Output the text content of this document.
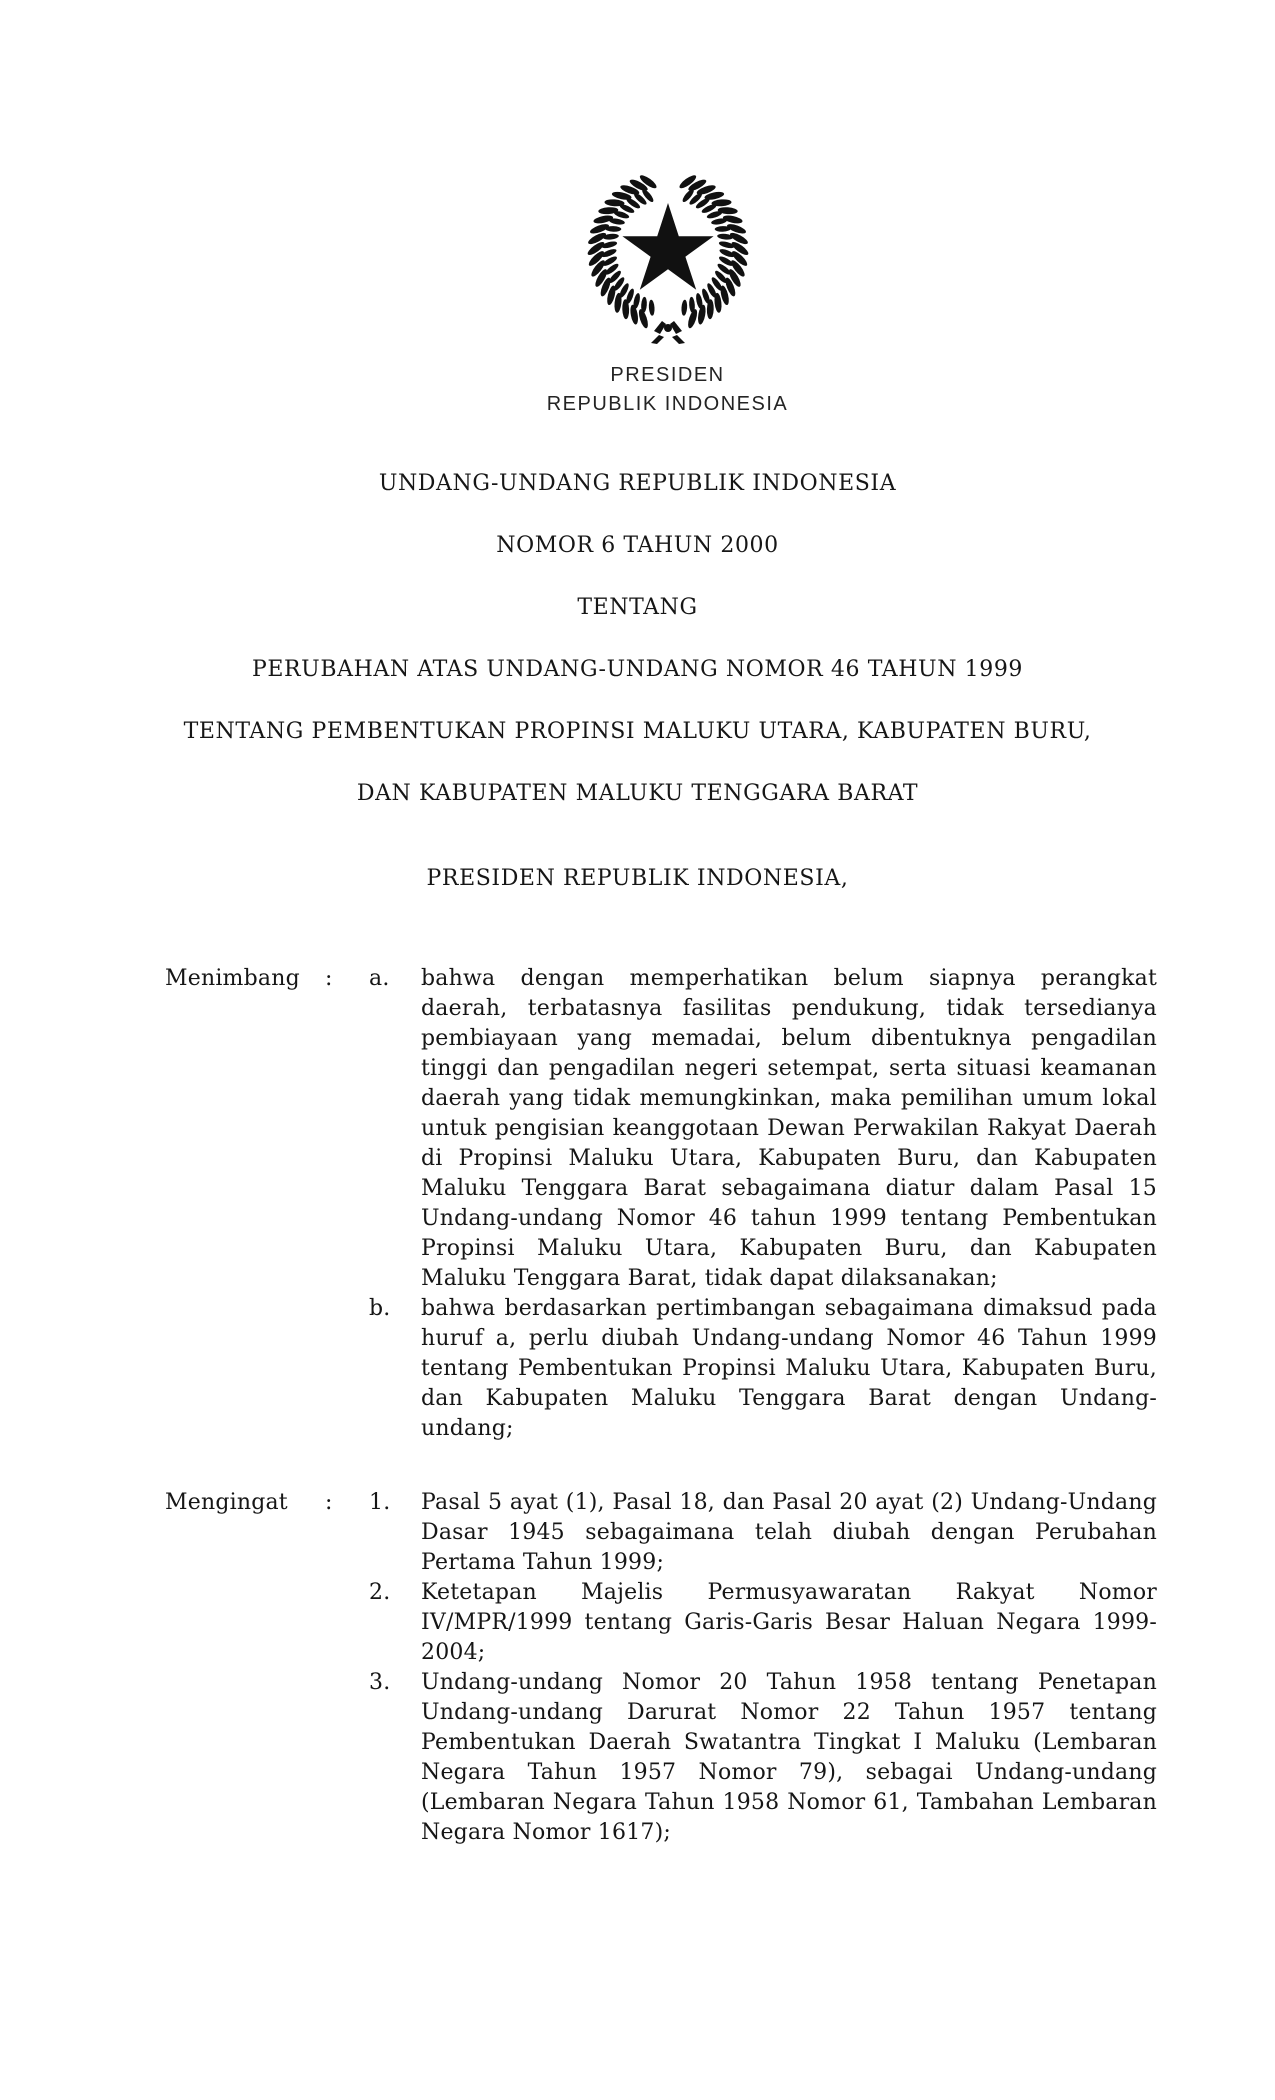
PRESIDEN
REPUBLIK INDONESIA
UNDANG-UNDANG REPUBLIK INDONESIA
NOMOR 6 TAHUN 2000
TENTANG
PERUBAHAN ATAS UNDANG-UNDANG NOMOR 46 TAHUN 1999
TENTANG PEMBENTUKAN PROPINSI MALUKU UTARA, KABUPATEN BURU,
DAN KABUPATEN MALUKU TENGGARA BARAT
PRESIDEN REPUBLIK INDONESIA,
Menimbang	:	a.	bahwa dengan memperhatikan belum siapnya perangkat daerah, terbatasnya fasilitas pendukung, tidak tersedianya pembiayaan yang memadai, belum dibentuknya pengadilan tinggi dan pengadilan negeri setempat, serta situasi keamanan daerah yang tidak memungkinkan, maka pemilihan umum lokal untuk pengisian keanggotaan Dewan Perwakilan Rakyat Daerah di Propinsi Maluku Utara, Kabupaten Buru, dan Kabupaten Maluku Tenggara Barat sebagaimana diatur dalam Pasal 15 Undang-undang Nomor 46 tahun 1999 tentang Pembentukan Propinsi Maluku Utara, Kabupaten Buru, dan Kabupaten Maluku Tenggara Barat, tidak dapat dilaksanakan;
b.	bahwa berdasarkan pertimbangan sebagaimana dimaksud pada huruf a, perlu diubah Undang-undang Nomor 46 Tahun 1999 tentang Pembentukan Propinsi Maluku Utara, Kabupaten Buru, dan Kabupaten Maluku Tenggara Barat dengan Undang-undang;
Mengingat	:	1.	Pasal 5 ayat (1), Pasal 18, dan Pasal 20 ayat (2) Undang-Undang Dasar 1945 sebagaimana telah diubah dengan Perubahan Pertama Tahun 1999;
2.	Ketetapan Majelis Permusyawaratan Rakyat Nomor IV/MPR/1999 tentang Garis-Garis Besar Haluan Negara 1999-2004;
3.	Undang-undang Nomor 20 Tahun 1958 tentang Penetapan Undang-undang Darurat Nomor 22 Tahun 1957 tentang Pembentukan Daerah Swatantra Tingkat I Maluku (Lembaran Negara Tahun 1957 Nomor 79), sebagai Undang-undang (Lembaran Negara Tahun 1958 Nomor 61, Tambahan Lembaran Negara Nomor 1617);
